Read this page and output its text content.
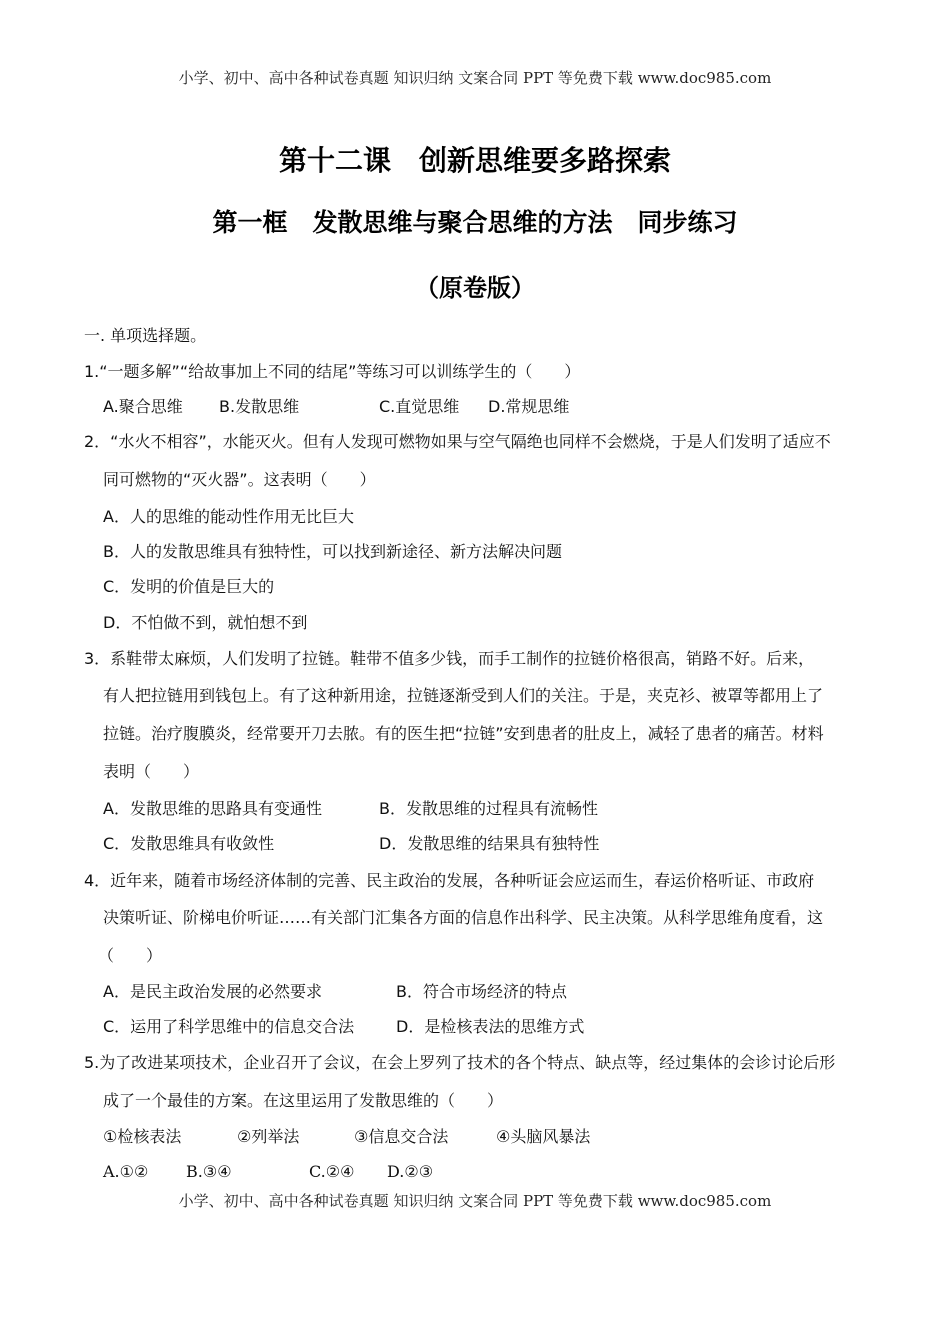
小学、初中、高中各种试卷真题 知识归纳 文案合同 PPT 等免费下载 www.doc985.com
第十二课　创新思维要多路探索
第一框　发散思维与聚合思维的方法　同步练习
（原卷版）
一. 单项选择题。
1.“一题多解”“给故事加上不同的结尾”等练习可以训练学生的（　　）
A.聚合思维 B.发散思维	C.直觉思维 D.常规思维
2．“水火不相容”，水能灭火。但有人发现可燃物如果与空气隔绝也同样不会燃烧，于是人们发明了适应不
同可燃物的“灭火器”。这表明（　　）
A．人的思维的能动性作用无比巨大
B．人的发散思维具有独特性，可以找到新途径、新方法解决问题
C．发明的价值是巨大的
D．不怕做不到，就怕想不到
3．系鞋带太麻烦，人们发明了拉链。鞋带不值多少钱，而手工制作的拉链价格很高，销路不好。后来，
有人把拉链用到钱包上。有了这种新用途，拉链逐渐受到人们的关注。于是，夹克衫、被罩等都用上了
拉链。治疗腹膜炎，经常要开刀去脓。有的医生把“拉链”安到患者的肚皮上，减轻了患者的痛苦。材料
表明（　　）
A．发散思维的思路具有变通性	B．发散思维的过程具有流畅性
C．发散思维具有收敛性	D．发散思维的结果具有独特性
4．近年来，随着市场经济体制的完善、民主政治的发展，各种听证会应运而生，春运价格听证、市政府
决策听证、阶梯电价听证……有关部门汇集各方面的信息作出科学、民主决策。从科学思维角度看，这
（　　）
A．是民主政治发展的必然要求	B．符合市场经济的特点
C．运用了科学思维中的信息交合法	D．是检核表法的思维方式
5.为了改进某项技术，企业召开了会议，在会上罗列了技术的各个特点、缺点等，经过集体的会诊讨论后形
成了一个最佳的方案。在这里运用了发散思维的（　　）
①检核表法	②列举法	③信息交合法	④头脑风暴法
A.①② B.③④	C.②④ D.②③
小学、初中、高中各种试卷真题 知识归纳 文案合同 PPT 等免费下载 www.doc985.com
